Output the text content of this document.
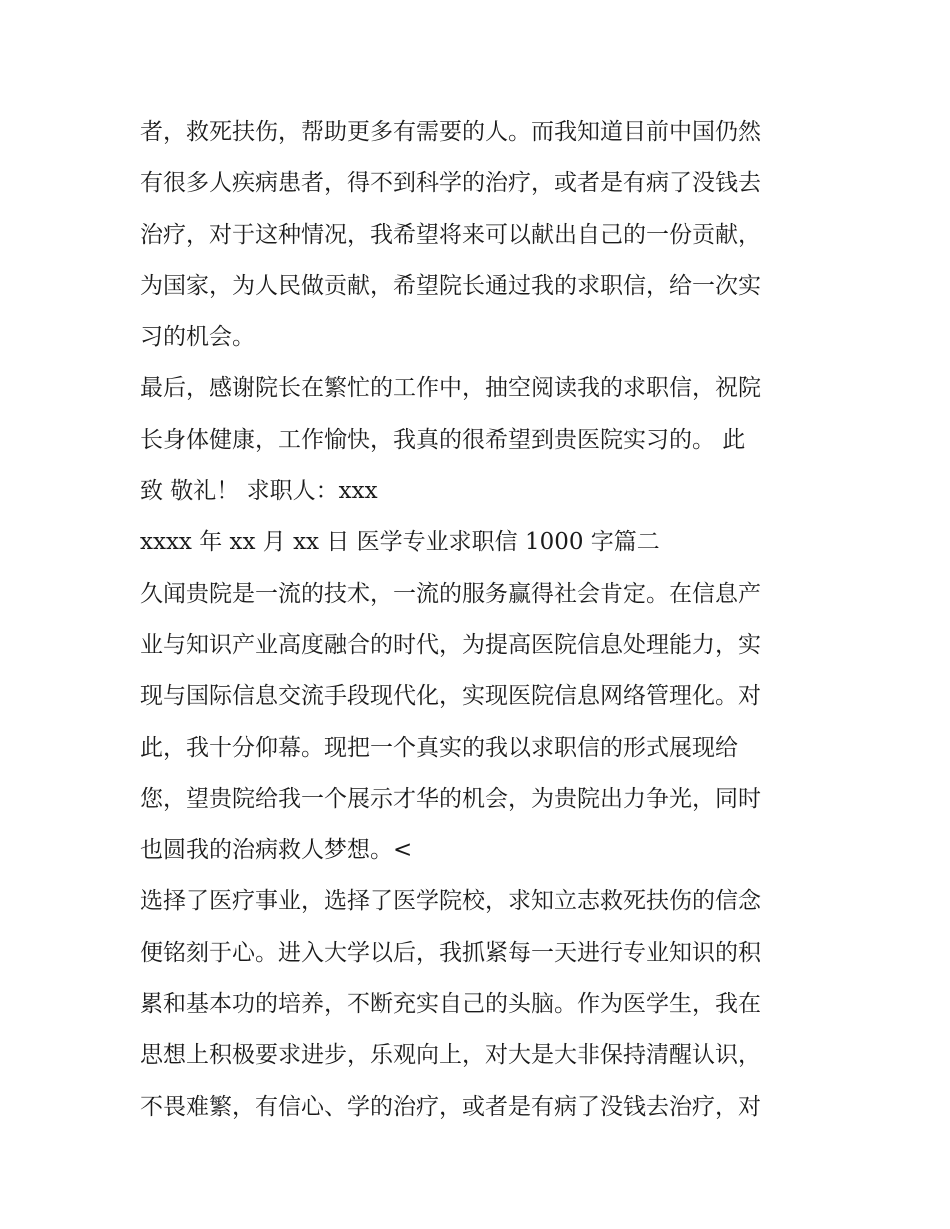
者，救死扶伤，帮助更多有需要的人。而我知道目前中国仍然
有很多人疾病患者，得不到科学的治疗，或者是有病了没钱去
治疗，对于这种情况，我希望将来可以献出自己的一份贡献，
为国家，为人民做贡献，希望院长通过我的求职信，给一次实
习的机会。
最后，感谢院长在繁忙的工作中，抽空阅读我的求职信，祝院
长身体健康，工作愉快，我真的很希望到贵医院实习的。 此
致 敬礼！ 求职人：xxx
xxxx 年 xx 月 xx 日 医学专业求职信 1000 字篇二
久闻贵院是一流的技术，一流的服务赢得社会肯定。在信息产
业与知识产业高度融合的时代，为提高医院信息处理能力，实
现与国际信息交流手段现代化，实现医院信息网络管理化。对
此，我十分仰幕。现把一个真实的我以求职信的形式展现给
您，望贵院给我一个展示才华的机会，为贵院出力争光，同时
也圆我的治病救人梦想。<
选择了医疗事业，选择了医学院校，求知立志救死扶伤的信念
便铭刻于心。进入大学以后，我抓紧每一天进行专业知识的积
累和基本功的培养，不断充实自己的头脑。作为医学生，我在
思想上积极要求进步，乐观向上，对大是大非保持清醒认识，
不畏难繁，有信心、学的治疗，或者是有病了没钱去治疗，对
